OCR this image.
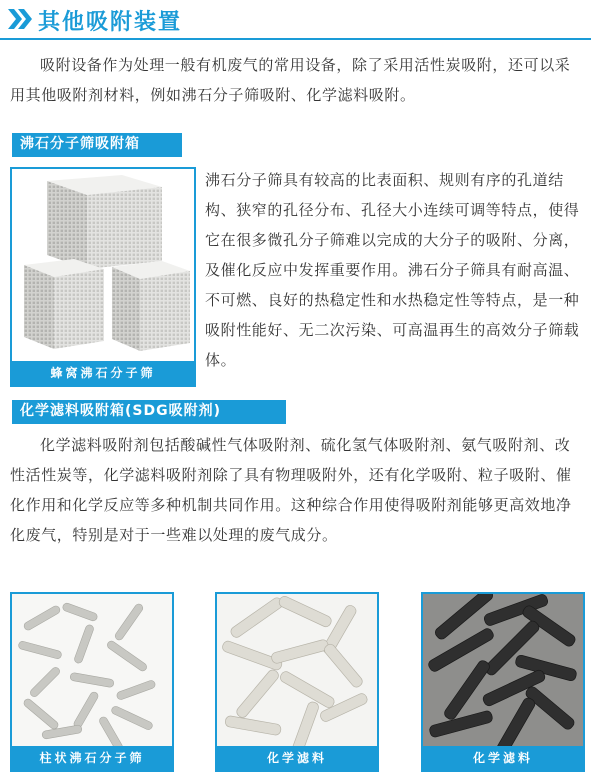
其他吸附装置
吸附设备作为处理一般有机废气的常用设备，除了采用活性炭吸附，还可以采用其他吸附剂材料，例如沸石分子筛吸附、化学滤料吸附。
沸石分子筛吸附箱
蜂窝沸石分子筛
沸石分子筛具有较高的比表面积、规则有序的孔道结构、狭窄的孔径分布、孔径大小连续可调等特点，使得它在很多微孔分子筛难以完成的大分子的吸附、分离，及催化反应中发挥重要作用。沸石分子筛具有耐高温、不可燃、良好的热稳定性和水热稳定性等特点，是一种吸附性能好、无二次污染、可高温再生的高效分子筛载体。
化学滤料吸附箱(SDG吸附剂)
化学滤料吸附剂包括酸碱性气体吸附剂、硫化氢气体吸附剂、氨气吸附剂、改性活性炭等，化学滤料吸附剂除了具有物理吸附外，还有化学吸附、粒子吸附、催化作用和化学反应等多种机制共同作用。这种综合作用使得吸附剂能够更高效地净化废气，特别是对于一些难以处理的废气成分。
柱状沸石分子筛	化学滤料	化学滤料
